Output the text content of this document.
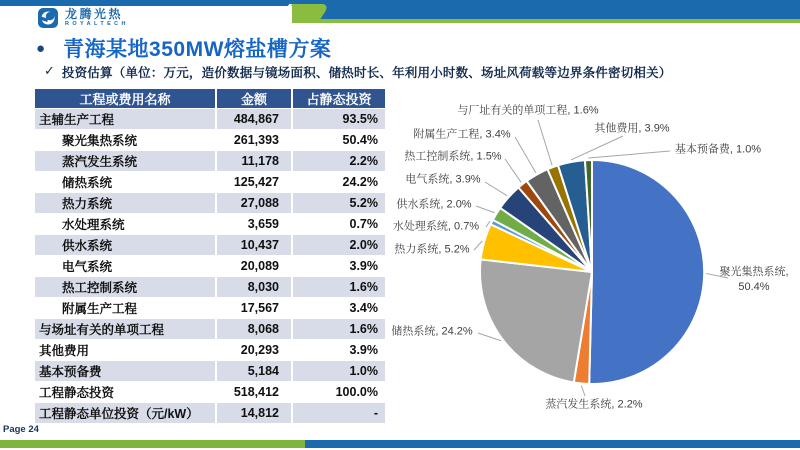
龙腾光热
ROYALTECH
● 青海某地350MW熔盐槽方案
✓ 投资估算（单位：万元，造价数据与镜场面积、储热时长、年利用小时数、场址风荷载等边界条件密切相关）
工程或费用名称	金额	占静态投资
主辅生产工程	484,867	93.5%
聚光集热系统	261,393	50.4%
蒸汽发生系统	11,178	2.2%
储热系统	125,427	24.2%
热力系统	27,088	5.2%
水处理系统	3,659	0.7%
供水系统	10,437	2.0%
电气系统	20,089	3.9%
热工控制系统	8,030	1.6%
附属生产工程	17,567	3.4%
与场址有关的单项工程	8,068	1.6%
其他费用	20,293	3.9%
基本预备费	5,184	1.0%
工程静态投资	518,412	100.0%
工程静态单位投资（元/kW）	14,812	-
聚光集热系统, 50.4%
蒸汽发生系统, 2.2%
储热系统, 24.2%
热力系统, 5.2%
水处理系统, 0.7%
供水系统, 2.0%
电气系统, 3.9%
热工控制系统, 1.5%
附属生产工程, 3.4%
与厂址有关的单项工程, 1.6%
其他费用, 3.9%
基本预备费, 1.0%
Page 24
